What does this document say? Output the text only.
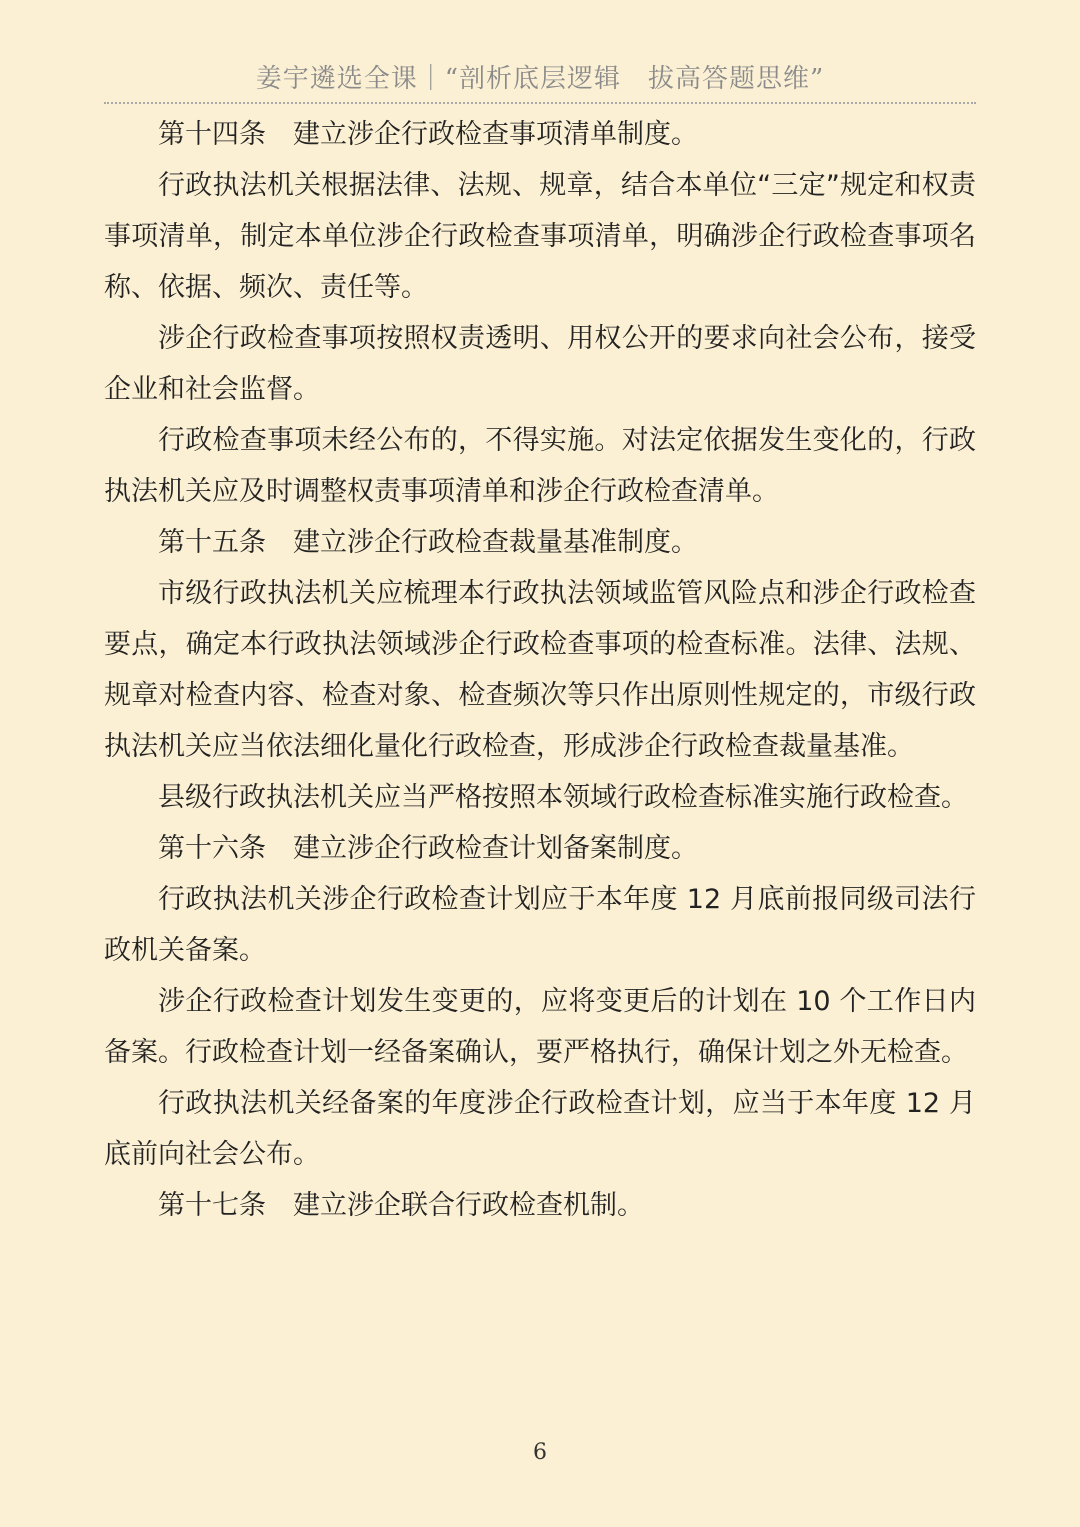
姜宇遴选全课｜“剖析底层逻辑　拔高答题思维”

第十四条　建立涉企行政检查事项清单制度。

行政执法机关根据法律、法规、规章，结合本单位“三定”规定和权责事项清单，制定本单位涉企行政检查事项清单，明确涉企行政检查事项名称、依据、频次、责任等。

涉企行政检查事项按照权责透明、用权公开的要求向社会公布，接受企业和社会监督。

行政检查事项未经公布的，不得实施。对法定依据发生变化的，行政执法机关应及时调整权责事项清单和涉企行政检查清单。

第十五条　建立涉企行政检查裁量基准制度。

市级行政执法机关应梳理本行政执法领域监管风险点和涉企行政检查要点，确定本行政执法领域涉企行政检查事项的检查标准。法律、法规、规章对检查内容、检查对象、检查频次等只作出原则性规定的，市级行政执法机关应当依法细化量化行政检查，形成涉企行政检查裁量基准。

县级行政执法机关应当严格按照本领域行政检查标准实施行政检查。

第十六条　建立涉企行政检查计划备案制度。

行政执法机关涉企行政检查计划应于本年度 12 月底前报同级司法行政机关备案。

涉企行政检查计划发生变更的，应将变更后的计划在 10 个工作日内备案。行政检查计划一经备案确认，要严格执行，确保计划之外无检查。

行政执法机关经备案的年度涉企行政检查计划，应当于本年度 12 月底前向社会公布。

第十七条　建立涉企联合行政检查机制。

6
